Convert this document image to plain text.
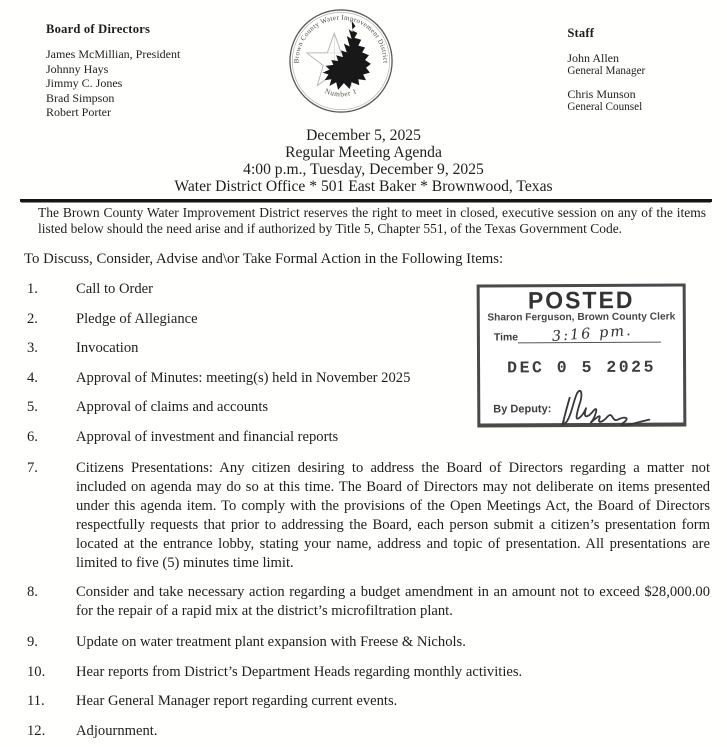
Board of Directors
James McMillian, President
Johnny Hays
Jimmy C. Jones
Brad Simpson
Robert Porter
Brown County Water Improvement District
Number 1
Staff
John Allen
General Manager
Chris Munson
General Counsel
December 5, 2025
Regular Meeting Agenda
4:00 p.m., Tuesday, December 9, 2025
Water District Office * 501 East Baker * Brownwood, Texas

The Brown County Water Improvement District reserves the right to meet in closed, executive session on any of the items listed below should the need arise and if authorized by Title 5, Chapter 551, of the Texas Government Code.

To Discuss, Consider, Advise and\or Take Formal Action in the Following Items:

1.	Call to Order
2.	Pledge of Allegiance
3.	Invocation
4.	Approval of Minutes: meeting(s) held in November 2025
5.	Approval of claims and accounts
6.	Approval of investment and financial reports
7.	Citizens Presentations: Any citizen desiring to address the Board of Directors regarding a matter not included on agenda may do so at this time. The Board of Directors may not deliberate on items presented under this agenda item. To comply with the provisions of the Open Meetings Act, the Board of Directors respectfully requests that prior to addressing the Board, each person submit a citizen’s presentation form located at the entrance lobby, stating your name, address and topic of presentation. All presentations are limited to five (5) minutes time limit.
8.	Consider and take necessary action regarding a budget amendment in an amount not to exceed $28,000.00 for the repair of a rapid mix at the district’s microfiltration plant.
9.	Update on water treatment plant expansion with Freese & Nichols.
10.	Hear reports from District’s Department Heads regarding monthly activities.
11.	Hear General Manager report regarding current events.
12.	Adjournment.
POSTED
Sharon Ferguson, Brown County Clerk
Time 3:16 pm.
DEC 0 5 2025
By Deputy:
